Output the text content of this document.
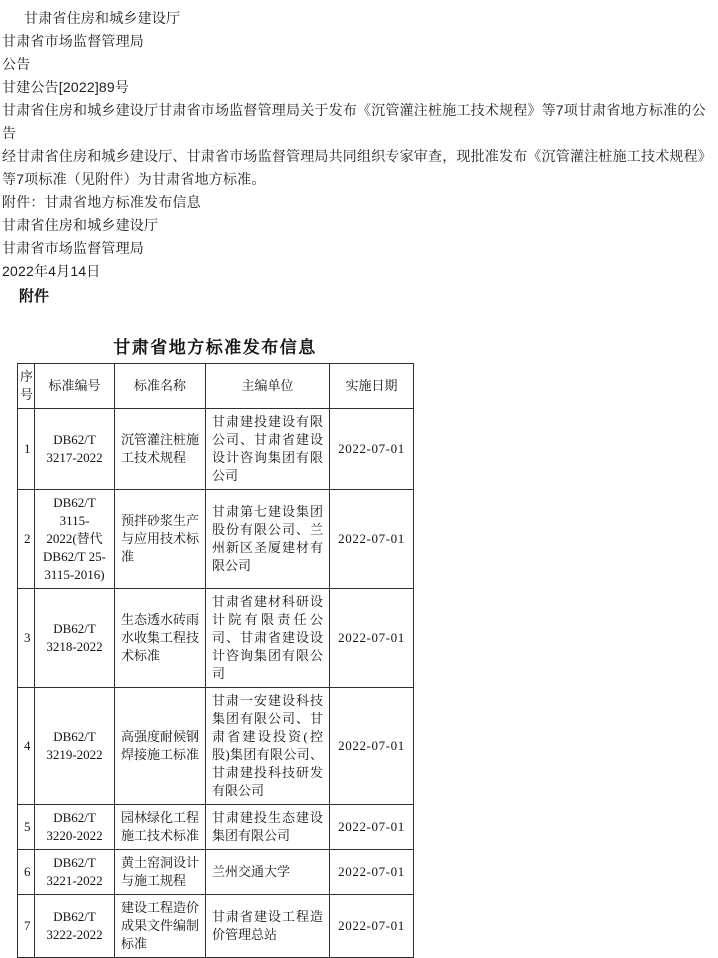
甘肃省住房和城乡建设厅

甘肃省市场监督管理局

公告

甘建公告[2022]89号

甘肃省住房和城乡建设厅甘肃省市场监督管理局关于发布《沉管灌注桩施工技术规程》等7项甘肃省地方标准的公告

经甘肃省住房和城乡建设厅、甘肃省市场监督管理局共同组织专家审查，现批准发布《沉管灌注桩施工技术规程》等7项标准（见附件）为甘肃省地方标准。

附件：甘肃省地方标准发布信息

甘肃省住房和城乡建设厅

甘肃省市场监督管理局

2022年4月14日

附件
甘肃省地方标准发布信息
序号	标准编号	标准名称	主编单位	实施日期
1	DB62/T 3217-2022	沉管灌注桩施工技术规程	甘肃建投建设有限公司、甘肃省建设设计咨询集团有限公司	2022-07-01
2	DB62/T 3115-2022(替代 DB62/T 25-3115-2016)	预拌砂浆生产与应用技术标准	甘肃第七建设集团股份有限公司、兰州新区圣厦建材有限公司	2022-07-01
3	DB62/T 3218-2022	生态透水砖雨水收集工程技术标准	甘肃省建材科研设计院有限责任公司、甘肃省建设设计咨询集团有限公司	2022-07-01
4	DB62/T 3219-2022	高强度耐候钢焊接施工标准	甘肃一安建设科技集团有限公司、甘肃省建设投资(控股)集团有限公司、甘肃建投科技研发有限公司	2022-07-01
5	DB62/T 3220-2022	园林绿化工程施工技术标准	甘肃建投生态建设集团有限公司	2022-07-01
6	DB62/T 3221-2022	黄土窑洞设计与施工规程	兰州交通大学	2022-07-01
7	DB62/T 3222-2022	建设工程造价成果文件编制标准	甘肃省建设工程造价管理总站	2022-07-01
